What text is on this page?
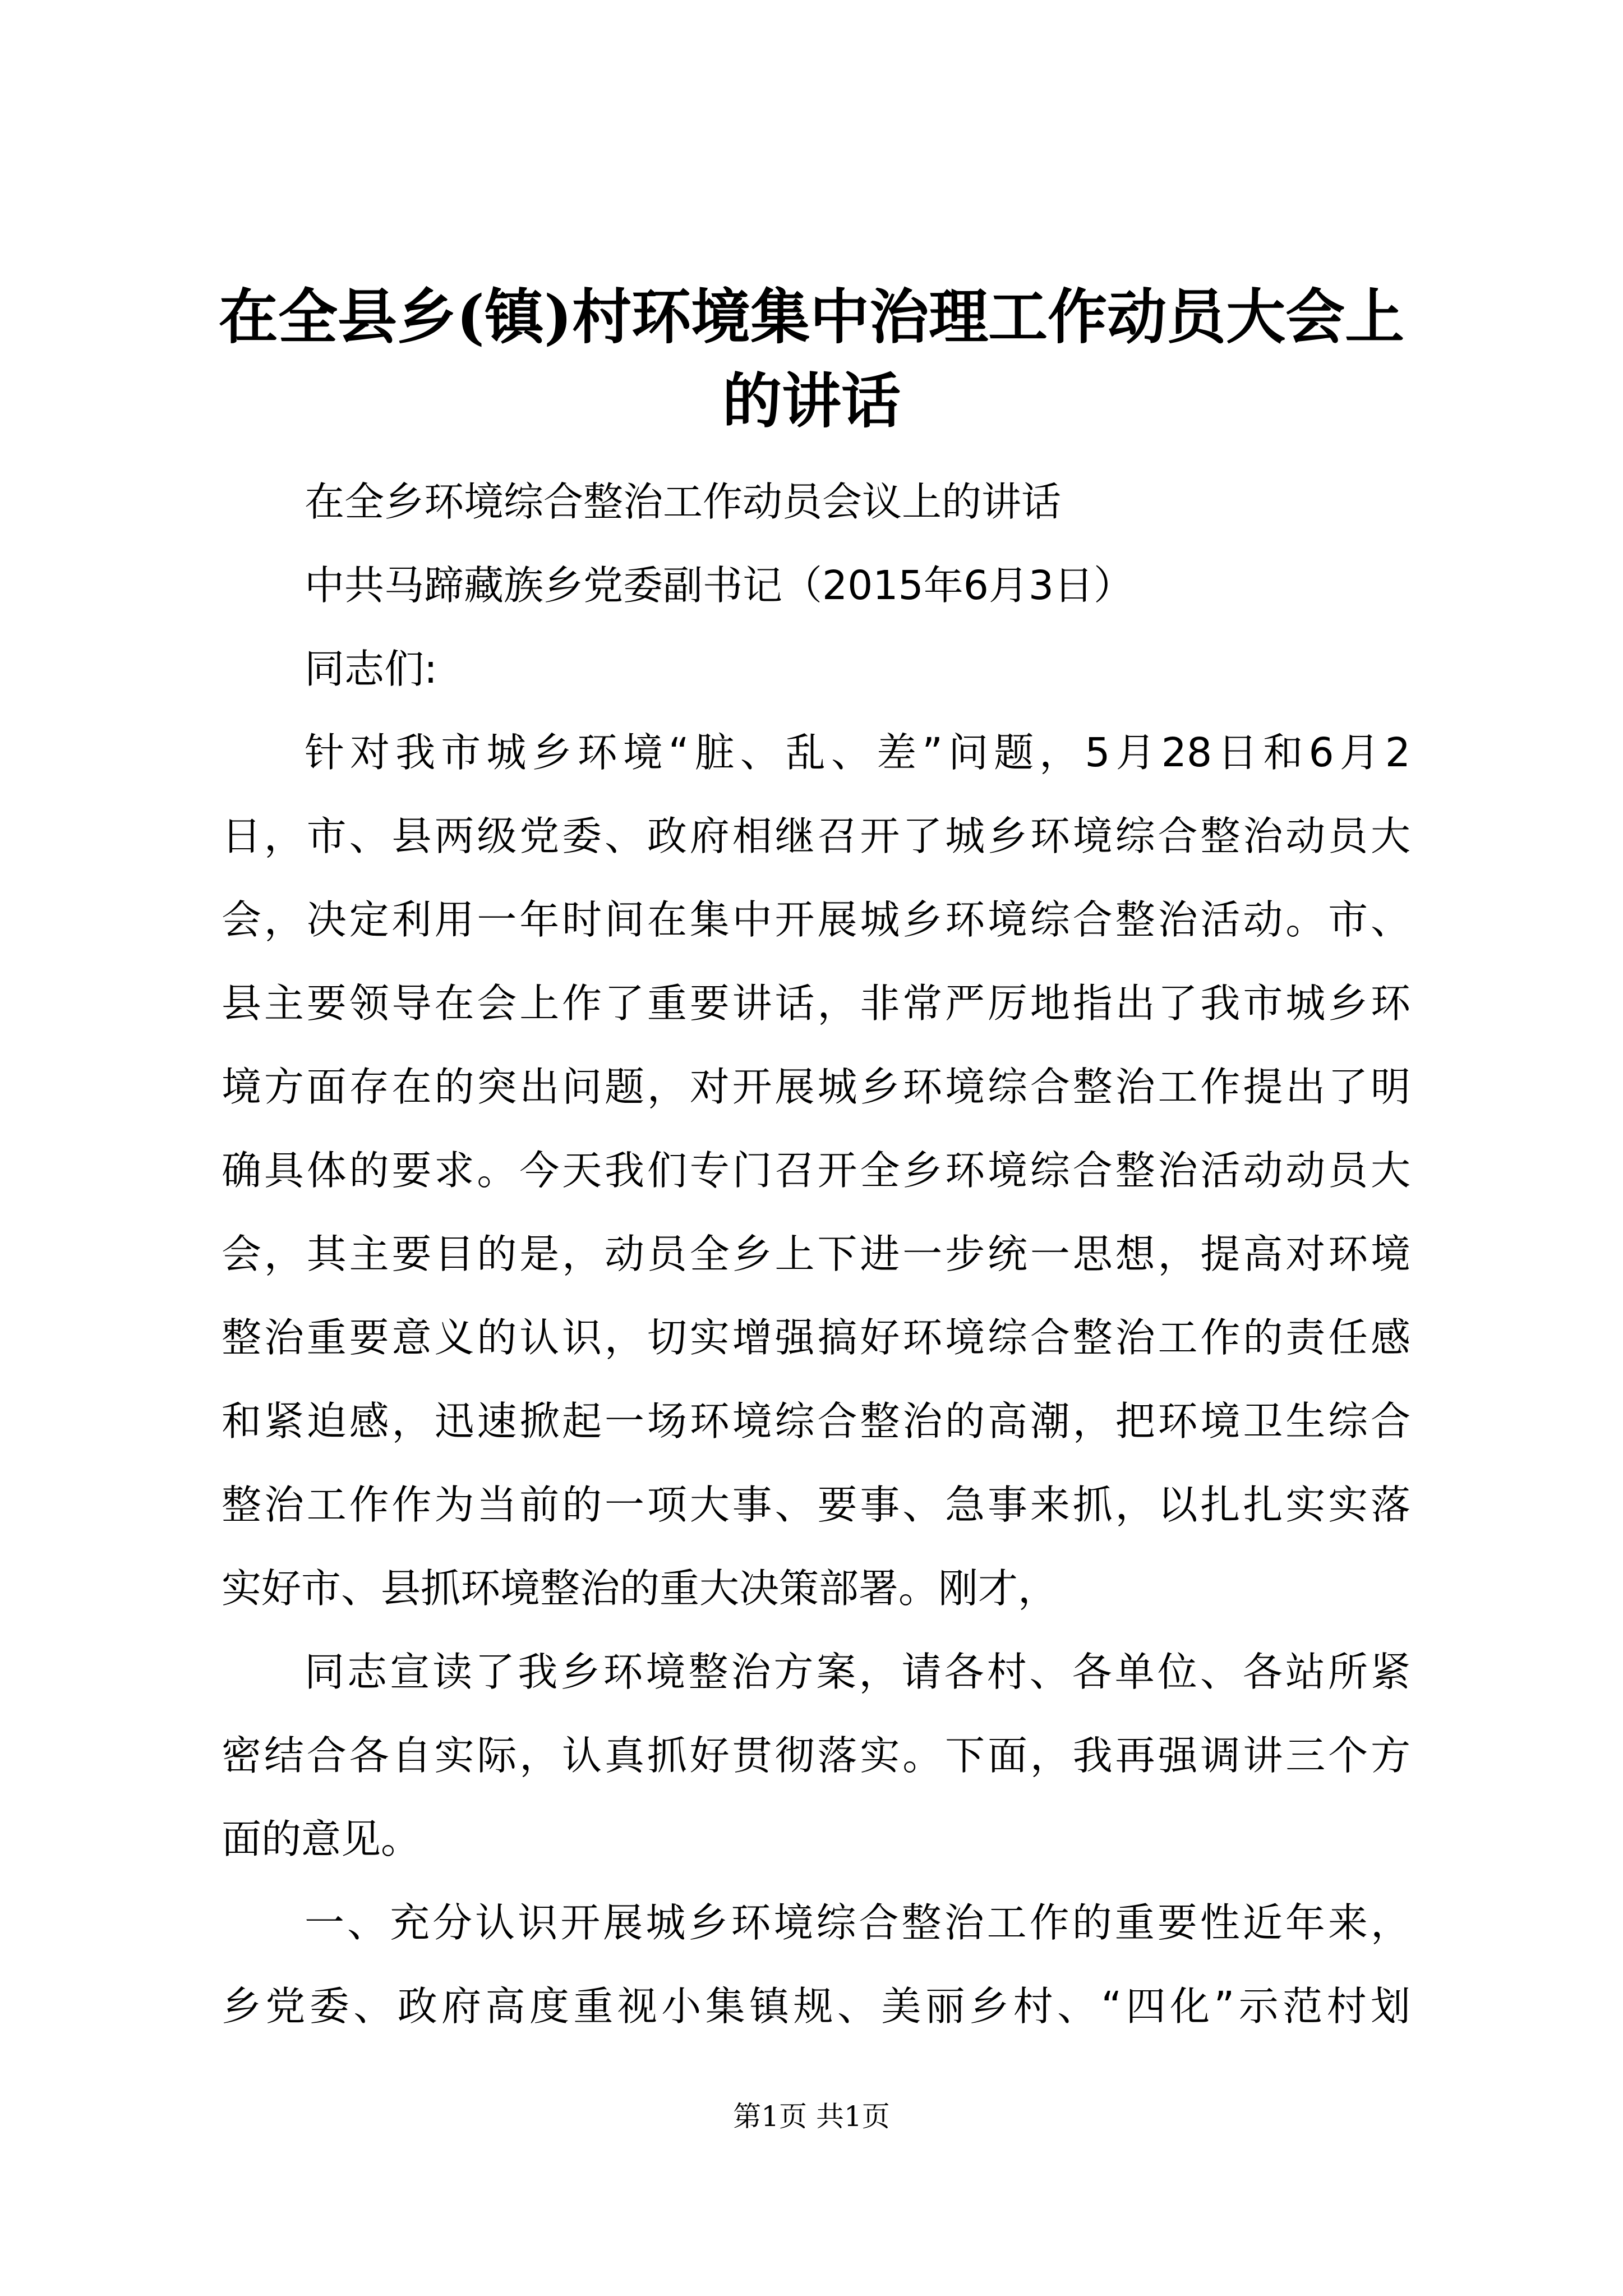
在全县乡(镇)村环境集中治理工作动员大会上
的讲话
在全乡环境综合整治工作动员会议上的讲话
中共马蹄藏族乡党委副书记（2015年6月3日）
同志们:
针对我市城乡环境“脏、乱、差”问题，5月28日和6月2
日，市、县两级党委、政府相继召开了城乡环境综合整治动员大
会，决定利用一年时间在集中开展城乡环境综合整治活动。市、
县主要领导在会上作了重要讲话，非常严厉地指出了我市城乡环
境方面存在的突出问题，对开展城乡环境综合整治工作提出了明
确具体的要求。今天我们专门召开全乡环境综合整治活动动员大
会，其主要目的是，动员全乡上下进一步统一思想，提高对环境
整治重要意义的认识，切实增强搞好环境综合整治工作的责任感
和紧迫感，迅速掀起一场环境综合整治的高潮，把环境卫生综合
整治工作作为当前的一项大事、要事、急事来抓，以扎扎实实落
实好市、县抓环境整治的重大决策部署。刚才，
同志宣读了我乡环境整治方案，请各村、各单位、各站所紧
密结合各自实际，认真抓好贯彻落实。下面，我再强调讲三个方
面的意见。
一、充分认识开展城乡环境综合整治工作的重要性近年来，
乡党委、政府高度重视小集镇规、美丽乡村、“四化”示范村划
第1页 共1页
